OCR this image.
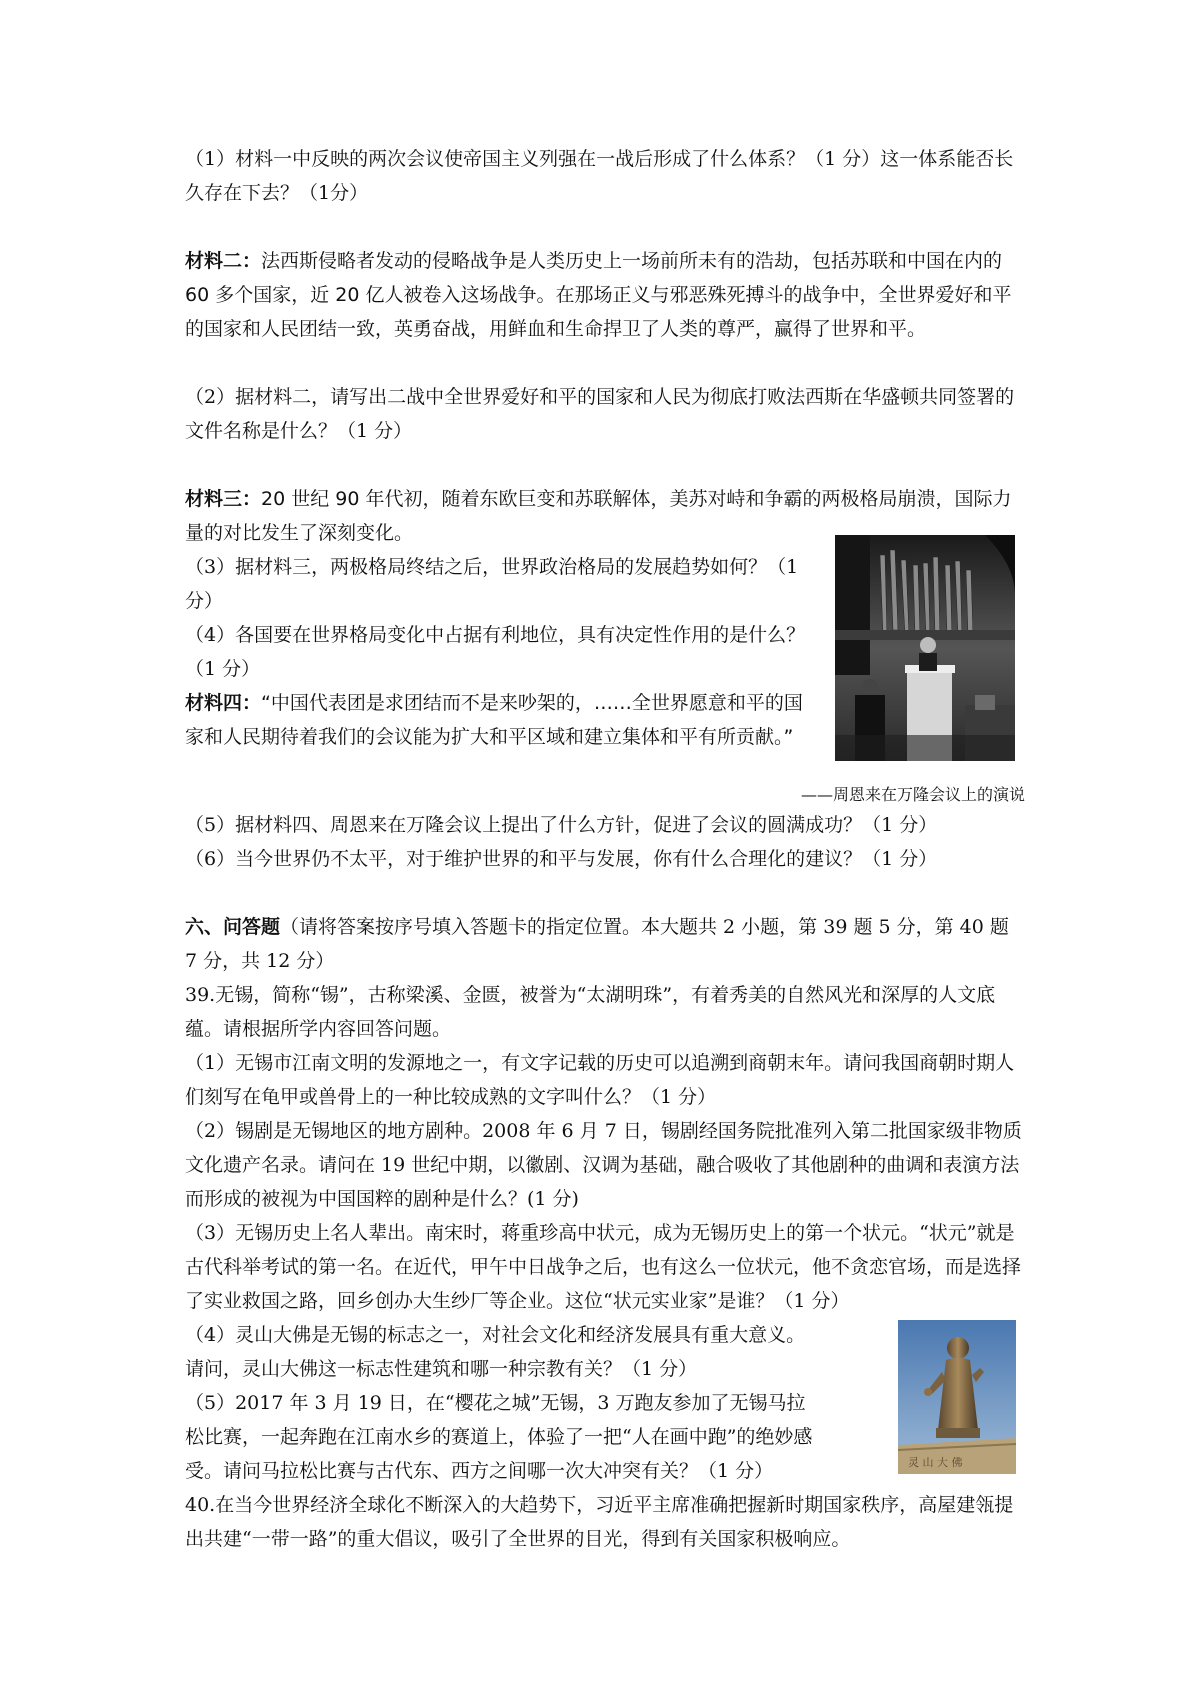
（1）材料一中反映的两次会议使帝国主义列强在一战后形成了什么体系？（1 分）这一体系能否长久存在下去？（1分）

材料二：法西斯侵略者发动的侵略战争是人类历史上一场前所未有的浩劫，包括苏联和中国在内的 60 多个国家，近 20 亿人被卷入这场战争。在那场正义与邪恶殊死搏斗的战争中，全世界爱好和平的国家和人民团结一致，英勇奋战，用鲜血和生命捍卫了人类的尊严，赢得了世界和平。

（2）据材料二，请写出二战中全世界爱好和平的国家和人民为彻底打败法西斯在华盛顿共同签署的文件名称是什么？（1 分）

材料三：20 世纪 90 年代初，随着东欧巨变和苏联解体，美苏对峙和争霸的两极格局崩溃，国际力量的对比发生了深刻变化。

（3）据材料三，两极格局终结之后，世界政治格局的发展趋势如何？（1 分）

（4）各国要在世界格局变化中占据有利地位，具有决定性作用的是什么？（1 分）

材料四：“中国代表团是求团结而不是来吵架的，……全世界愿意和平的国家和人民期待着我们的会议能为扩大和平区域和建立集体和平有所贡献。”

——周恩来在万隆会议上的演说

（5）据材料四、周恩来在万隆会议上提出了什么方针，促进了会议的圆满成功？（1 分）

（6）当今世界仍不太平，对于维护世界的和平与发展，你有什么合理化的建议？（1 分）

六、问答题（请将答案按序号填入答题卡的指定位置。本大题共 2 小题，第 39 题 5 分，第 40 题 7 分，共 12 分）

39.无锡，简称“锡”，古称梁溪、金匮，被誉为“太湖明珠”，有着秀美的自然风光和深厚的人文底蕴。请根据所学内容回答问题。

（1）无锡市江南文明的发源地之一，有文字记载的历史可以追溯到商朝末年。请问我国商朝时期人们刻写在龟甲或兽骨上的一种比较成熟的文字叫什么？（1 分）

（2）锡剧是无锡地区的地方剧种。2008 年 6 月 7 日，锡剧经国务院批准列入第二批国家级非物质文化遗产名录。请问在 19 世纪中期，以徽剧、汉调为基础，融合吸收了其他剧种的曲调和表演方法而形成的被视为中国国粹的剧种是什么？(1 分)

（3）无锡历史上名人辈出。南宋时，蒋重珍高中状元，成为无锡历史上的第一个状元。“状元”就是古代科举考试的第一名。在近代，甲午中日战争之后，也有这么一位状元，他不贪恋官场，而是选择了实业救国之路，回乡创办大生纱厂等企业。这位“状元实业家”是谁？（1 分）

（4）灵山大佛是无锡的标志之一，对社会文化和经济发展具有重大意义。请问，灵山大佛这一标志性建筑和哪一种宗教有关？（1 分）

（5）2017 年 3 月 19 日，在“樱花之城”无锡，3 万跑友参加了无锡马拉松比赛，一起奔跑在江南水乡的赛道上，体验了一把“人在画中跑”的绝妙感受。请问马拉松比赛与古代东、西方之间哪一次大冲突有关？（1 分）	灵 山 大 佛

40.在当今世界经济全球化不断深入的大趋势下，习近平主席准确把握新时期国家秩序，高屋建瓴提出共建“一带一路”的重大倡议，吸引了全世界的目光，得到有关国家积极响应。
